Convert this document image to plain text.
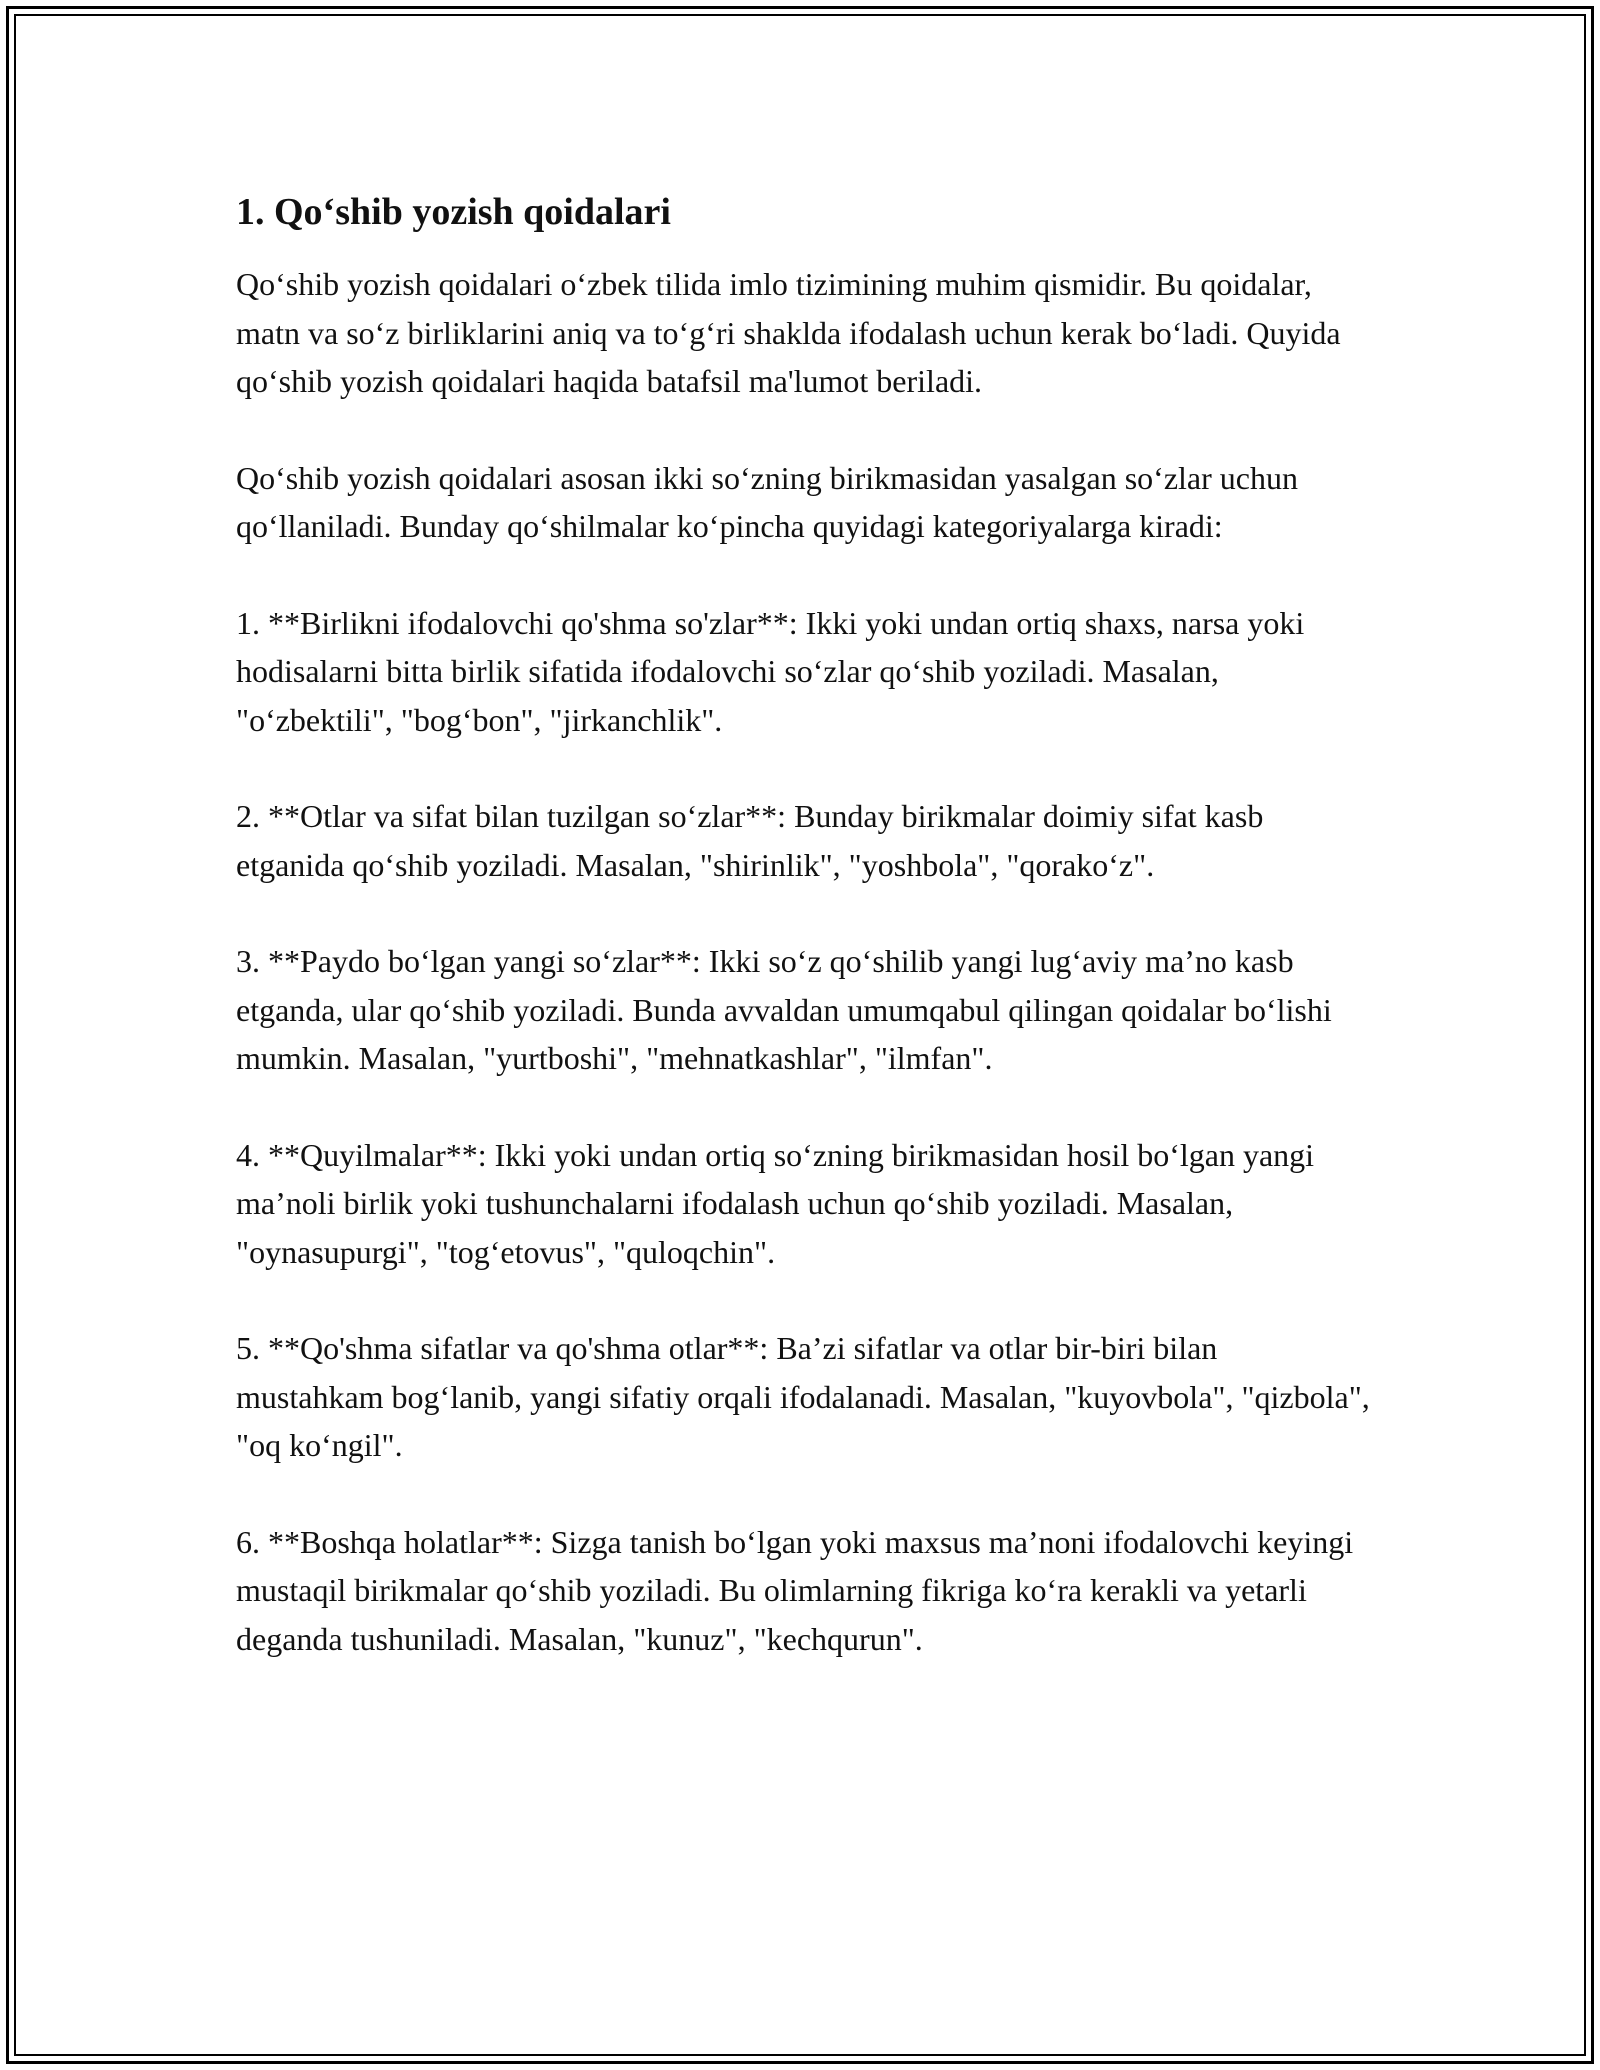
1. Qo‘shib yozish qoidalari

Qo‘shib yozish qoidalari o‘zbek tilida imlo tizimining muhim qismidir. Bu qoidalar, matn va so‘z birliklarini aniq va to‘g‘ri shaklda ifodalash uchun kerak bo‘ladi. Quyida qo‘shib yozish qoidalari haqida batafsil ma'lumot beriladi.

Qo‘shib yozish qoidalari asosan ikki so‘zning birikmasidan yasalgan so‘zlar uchun qo‘llaniladi. Bunday qo‘shilmalar ko‘pincha quyidagi kategoriyalarga kiradi:

1. **Birlikni ifodalovchi qo'shma so'zlar**: Ikki yoki undan ortiq shaxs, narsa yoki hodisalarni bitta birlik sifatida ifodalovchi so‘zlar qo‘shib yoziladi. Masalan, "o‘zbektili", "bog‘bon", "jirkanchlik".

2. **Otlar va sifat bilan tuzilgan so‘zlar**: Bunday birikmalar doimiy sifat kasb etganida qo‘shib yoziladi. Masalan, "shirinlik", "yoshbola", "qorako‘z".

3. **Paydo bo‘lgan yangi so‘zlar**: Ikki so‘z qo‘shilib yangi lug‘aviy ma’no kasb etganda, ular qo‘shib yoziladi. Bunda avvaldan umumqabul qilingan qoidalar bo‘lishi mumkin. Masalan, "yurtboshi", "mehnatkashlar", "ilmfan".

4. **Quyilmalar**: Ikki yoki undan ortiq so‘zning birikmasidan hosil bo‘lgan yangi ma’noli birlik yoki tushunchalarni ifodalash uchun qo‘shib yoziladi. Masalan, "oynasupurgi", "tog‘etovus", "quloqchin".

5. **Qo'shma sifatlar va qo'shma otlar**: Ba’zi sifatlar va otlar bir-biri bilan mustahkam bog‘lanib, yangi sifatiy orqali ifodalanadi. Masalan, "kuyovbola", "qizbola", "oq ko‘ngil".

6. **Boshqa holatlar**: Sizga tanish bo‘lgan yoki maxsus ma’noni ifodalovchi keyingi mustaqil birikmalar qo‘shib yoziladi. Bu olimlarning fikriga ko‘ra kerakli va yetarli deganda tushuniladi. Masalan, "kunuz", "kechqurun".
